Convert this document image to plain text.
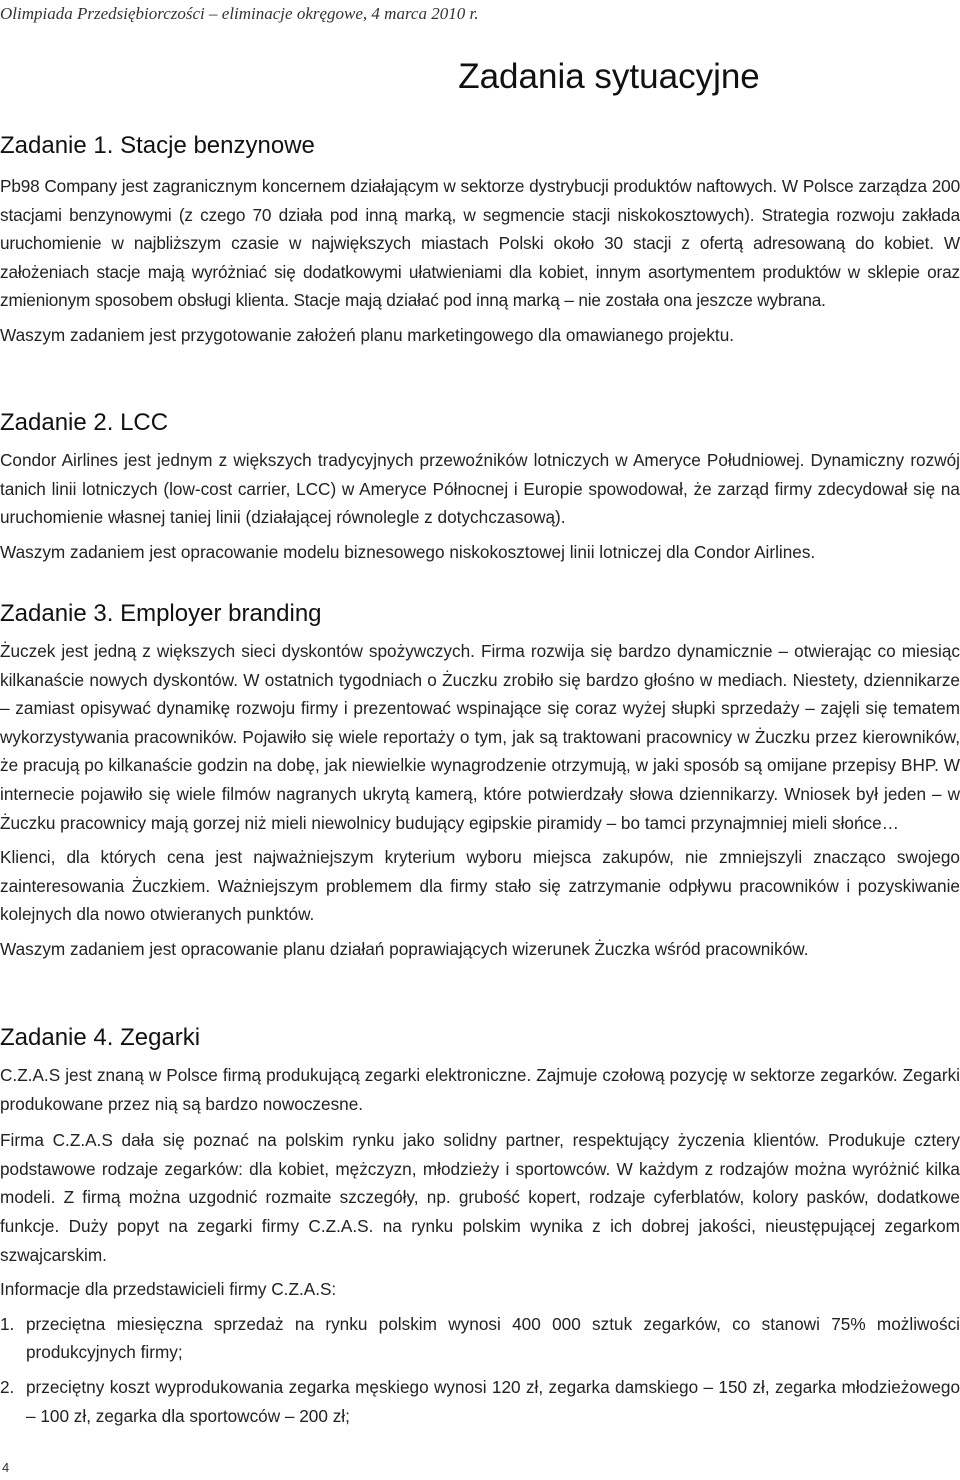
Olimpiada Przedsiębiorczości – eliminacje okręgowe, 4 marca 2010 r.
Zadania sytuacyjne
Zadanie 1. Stacje benzynowe

Pb98 Company jest zagranicznym koncernem działającym w sektorze dystrybucji produktów naftowych. W Polsce zarządza 200 stacjami benzynowymi (z czego 70 działa pod inną marką, w segmencie stacji niskokosztowych). Strategia rozwoju zakłada uruchomienie w najbliższym czasie w największych miastach Polski około 30 stacji z ofertą adresowaną do kobiet. W założeniach stacje mają wyróżniać się dodatkowymi ułatwieniami dla kobiet, innym asortymentem produktów w sklepie oraz zmienionym sposobem obsługi klienta. Stacje mają działać pod inną marką – nie została ona jeszcze wybrana.

Waszym zadaniem jest przygotowanie założeń planu marketingowego dla omawianego projektu.

Zadanie 2. LCC

Condor Airlines jest jednym z większych tradycyjnych przewoźników lotniczych w Ameryce Południowej. Dynamiczny rozwój tanich linii lotniczych (low-cost carrier, LCC) w Ameryce Północnej i Europie spowodował, że zarząd firmy zdecydował się na uruchomienie własnej taniej linii (działającej równolegle z dotychczasową).

Waszym zadaniem jest opracowanie modelu biznesowego niskokosztowej linii lotniczej dla Condor Airlines.

Zadanie 3. Employer branding

Żuczek jest jedną z większych sieci dyskontów spożywczych. Firma rozwija się bardzo dynamicznie – otwierając co miesiąc kilkanaście nowych dyskontów. W ostatnich tygodniach o Żuczku zrobiło się bardzo głośno w mediach. Niestety, dziennikarze – zamiast opisywać dynamikę rozwoju firmy i prezentować wspinające się coraz wyżej słupki sprzedaży – zajęli się tematem wykorzystywania pracowników. Pojawiło się wiele reportaży o tym, jak są traktowani pracownicy w Żuczku przez kierowników, że pracują po kilkanaście godzin na dobę, jak niewielkie wynagrodzenie otrzymują, w jaki sposób są omijane przepisy BHP. W internecie pojawiło się wiele filmów nagranych ukrytą kamerą, które potwierdzały słowa dziennikarzy. Wniosek był jeden – w Żuczku pracownicy mają gorzej niż mieli niewolnicy budujący egipskie piramidy – bo tamci przynajmniej mieli słońce…

Klienci, dla których cena jest najważniejszym kryterium wyboru miejsca zakupów, nie zmniejszyli znacząco swojego zainteresowania Żuczkiem. Ważniejszym problemem dla firmy stało się zatrzymanie odpływu pracowników i pozyskiwanie kolejnych dla nowo otwieranych punktów.

Waszym zadaniem jest opracowanie planu działań poprawiających wizerunek Żuczka wśród pracowników.

Zadanie 4. Zegarki

C.Z.A.S jest znaną w Polsce firmą produkującą zegarki elektroniczne. Zajmuje czołową pozycję w sektorze zegarków. Zegarki produkowane przez nią są bardzo nowoczesne.

Firma C.Z.A.S dała się poznać na polskim rynku jako solidny partner, respektujący życzenia klientów. Produkuje cztery podstawowe rodzaje zegarków: dla kobiet, mężczyzn, młodzieży i sportowców. W każdym z rodzajów można wyróżnić kilka modeli. Z firmą można uzgodnić rozmaite szczegóły, np. grubość kopert, rodzaje cyferblatów, kolory pasków, dodatkowe funkcje. Duży popyt na zegarki firmy C.Z.A.S. na rynku polskim wynika z ich dobrej jakości, nieustępującej zegarkom szwajcarskim.

Informacje dla przedstawicieli firmy C.Z.A.S:

1. przeciętna miesięczna sprzedaż na rynku polskim wynosi 400 000 sztuk zegarków, co stanowi 75% możliwości produkcyjnych firmy;
2. przeciętny koszt wyprodukowania zegarka męskiego wynosi 120 zł, zegarka damskiego – 150 zł, zegarka młodzieżowego – 100 zł, zegarka dla sportowców – 200 zł;
4
